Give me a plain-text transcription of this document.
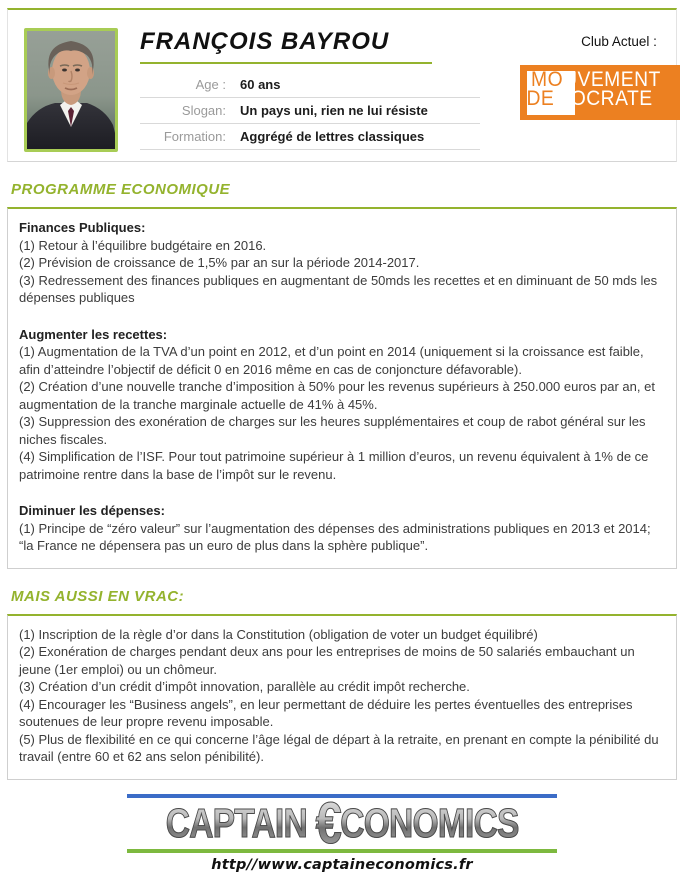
FRANÇOIS BAYROU
Age :	60 ans
Slogan:	Un pays uni, rien ne lui résiste
Formation:	Aggrégé de lettres classiques
Club Actuel :
MOUVEMENT
DEMOCRATE
PROGRAMME ECONOMIQUE

Finances Publiques:

(1) Retour à l’équilibre budgétaire en 2016.

(2) Prévision de croissance de 1,5% par an sur la période 2014-2017.

(3) Redressement des finances publiques en augmentant de 50mds les recettes et en diminuant de 50 mds les dépenses publiques

Augmenter les recettes:

(1) Augmentation de la TVA d’un point en 2012, et d’un point en 2014 (uniquement si la croissance est faible, afin d’atteindre l’objectif de déficit 0 en 2016 même en cas de conjoncture défavorable).

(2) Création d’une nouvelle tranche d’imposition à 50% pour les revenus supérieurs à 250.000 euros par an, et augmentation de la tranche marginale actuelle de 41% à 45%.

(3) Suppression des exonération de charges sur les heures supplémentaires et coup de rabot général sur les niches fiscales.

(4) Simplification de l’ISF. Pour tout patrimoine supérieur à 1 million d’euros, un revenu équivalent à 1% de ce patrimoine rentre dans la base de l’impôt sur le revenu.

Diminuer les dépenses:

(1) Principe de “zéro valeur” sur l’augmentation des dépenses des administrations publiques en 2013 et 2014; “la France ne dépensera pas un euro de plus dans la sphère publique”.

MAIS AUSSI EN VRAC:

(1) Inscription de la règle d’or dans la Constitution (obligation de voter un budget équilibré)

(2) Exonération de charges pendant deux ans pour les entreprises de moins de 50 salariés embauchant un jeune (1er emploi) ou un chômeur.

(3) Création d’un crédit d’impôt innovation, parallèle au crédit impôt recherche.

(4) Encourager les “Business angels”, en leur permettant de déduire les pertes éventuelles des entreprises soutenues de leur propre revenu imposable.

(5) Plus de flexibilité en ce qui concerne l’âge légal de départ à la retraite, en prenant en compte la pénibilité du travail (entre 60 et 62 ans selon pénibilité).

CAPTAIN €CONOMICS

http//www.captaineconomics.fr
